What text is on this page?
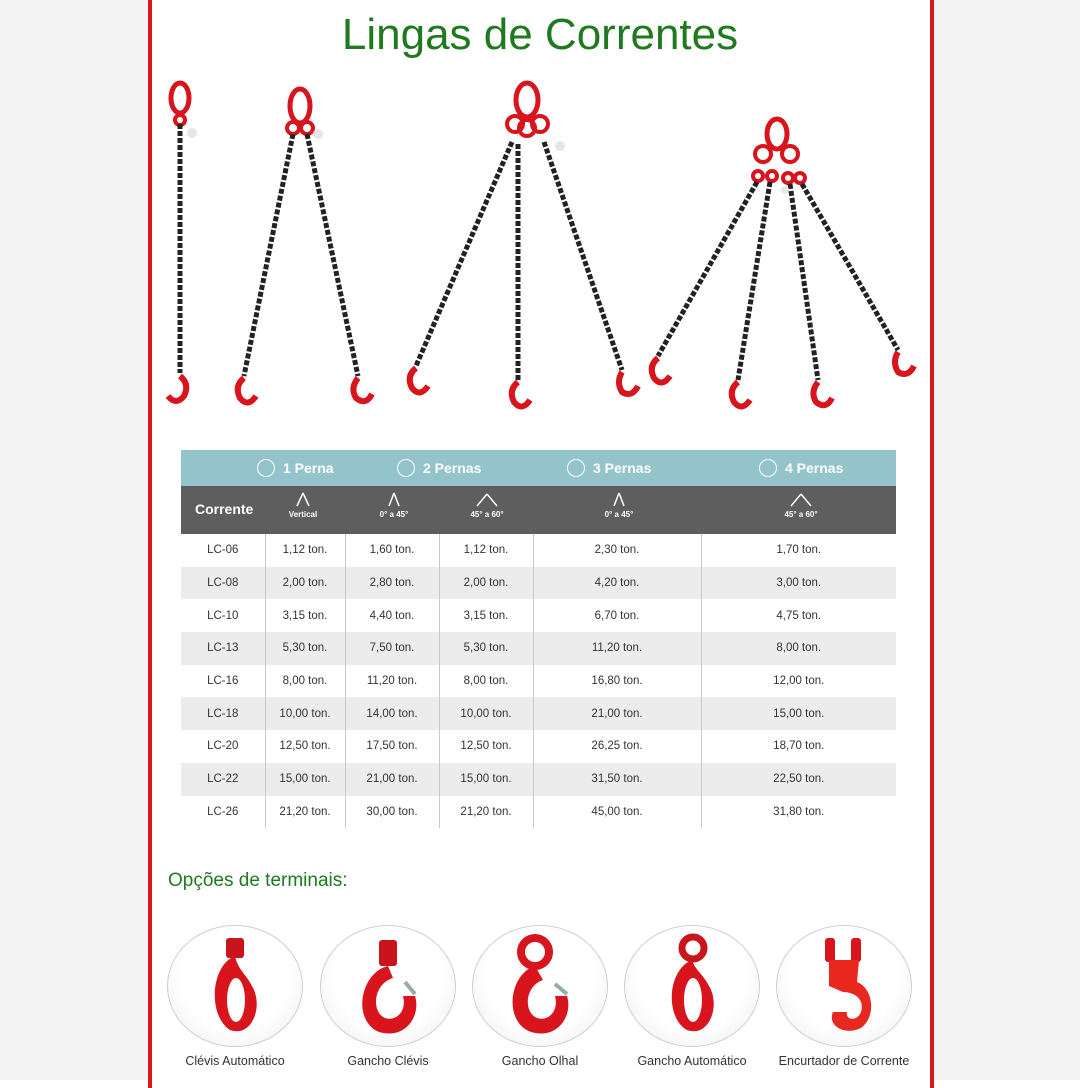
Lingas de Correntes
1 Perna	2 Pernas	3 Pernas	4 Pernas
Corrente	Vertical	0° a 45°	45° a 60°	0° a 45°	45° a 60°
LC-06	1,12 ton.	1,60 ton.	1,12 ton.	2,30 ton.	1,70 ton.
LC-08	2,00 ton.	2,80 ton.	2,00 ton.	4,20 ton.	3,00 ton.
LC-10	3,15 ton.	4,40 ton.	3,15 ton.	6,70 ton.	4,75 ton.
LC-13	5,30 ton.	7,50 ton.	5,30 ton.	11,20 ton.	8,00 ton.
LC-16	8,00 ton.	11,20 ton.	8,00 ton.	16,80 ton.	12,00 ton.
LC-18	10,00 ton.	14,00 ton.	10,00 ton.	21,00 ton.	15,00 ton.
LC-20	12,50 ton.	17,50 ton.	12,50 ton.	26,25 ton.	18,70 ton.
LC-22	15,00 ton.	21,00 ton.	15,00 ton.	31,50 ton.	22,50 ton.
LC-26	21,20 ton.	30,00 ton.	21,20 ton.	45,00 ton.	31,80 ton.
Opções de terminais:
Clévis Automático	Gancho Clévis	Gancho Olhal	Gancho Automático	Encurtador de Corrente
